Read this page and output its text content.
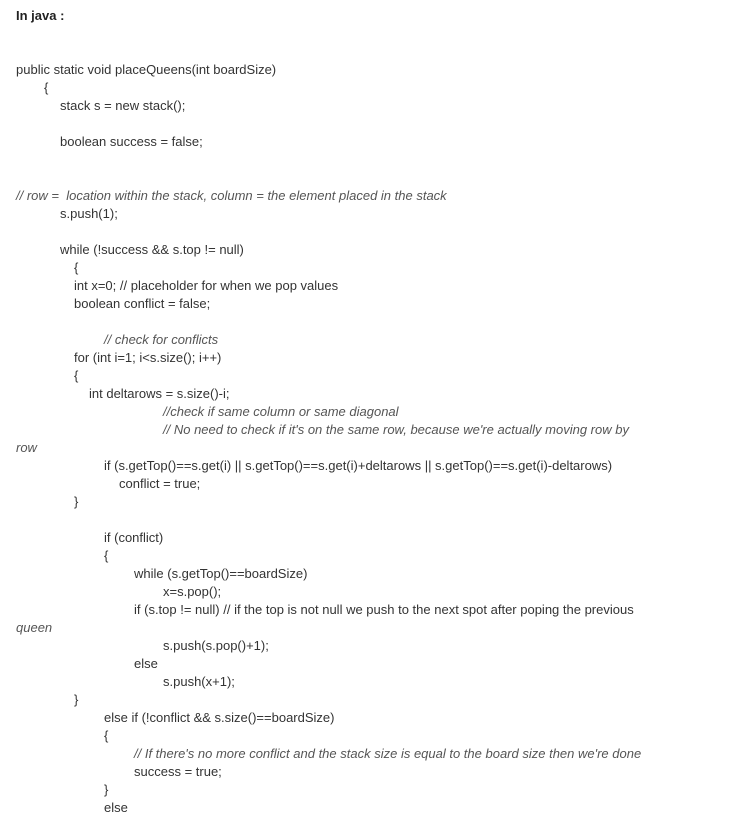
In java :
public static void placeQueens(int boardSize)
{
stack s = new stack();
boolean success = false;
// row =  location within the stack, column = the element placed in the stack
s.push(1);
while (!success && s.top != null)
{
int x=0; // placeholder for when we pop values
boolean conflict = false;
// check for conflicts
for (int i=1; i<s.size(); i++)
{
int deltarows = s.size()-i;
//check if same column or same diagonal
// No need to check if it's on the same row, because we're actually moving row by
row
if (s.getTop()==s.get(i) || s.getTop()==s.get(i)+deltarows || s.getTop()==s.get(i)-deltarows)
conflict = true;
}
if (conflict)
{
while (s.getTop()==boardSize)
x=s.pop();
if (s.top != null) // if the top is not null we push to the next spot after poping the previous
queen
s.push(s.pop()+1);
else
s.push(x+1);
}
else if (!conflict && s.size()==boardSize)
{
// If there's no more conflict and the stack size is equal to the board size then we're done
success = true;
}
else
